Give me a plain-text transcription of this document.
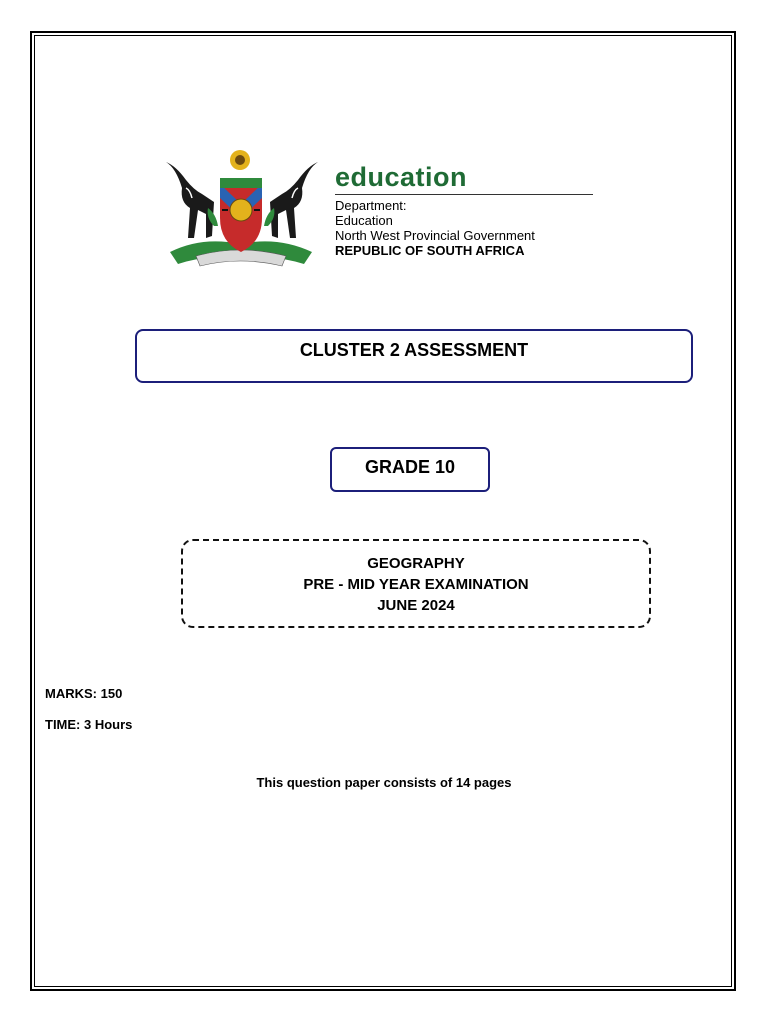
education
Department:
Education
North West Provincial Government
REPUBLIC OF SOUTH AFRICA
CLUSTER 2 ASSESSMENT
GRADE 10
GEOGRAPHY
PRE - MID YEAR EXAMINATION
JUNE 2024
MARKS: 150
TIME: 3 Hours
This question paper consists of 14 pages
